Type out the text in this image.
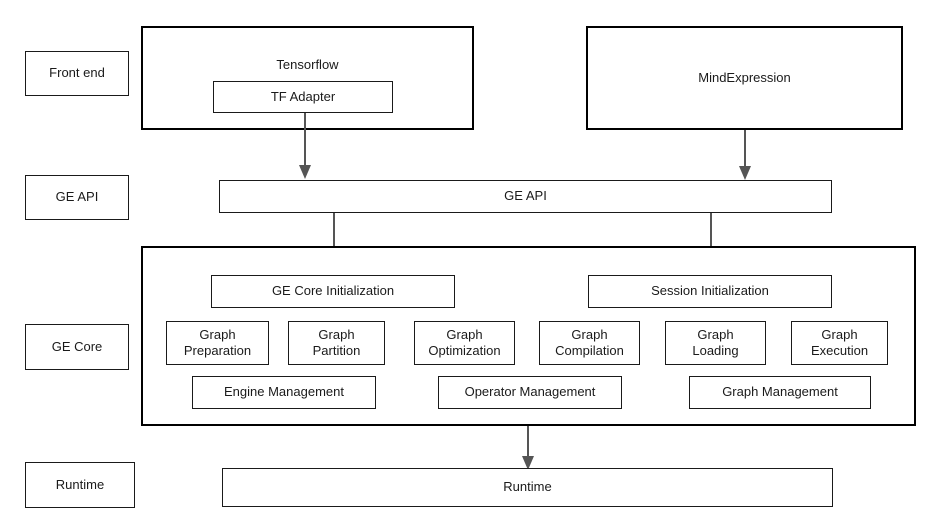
Front end
GE API
GE Core
Runtime
Tensorflow
TF Adapter
MindExpression
GE API
GE Core Initialization	Session Initialization
Graph
Preparation
Graph
Partition
Graph
Optimization
Graph
Compilation
Graph
Loading
Graph
Execution
Engine Management	Operator Management	Graph Management
Runtime
